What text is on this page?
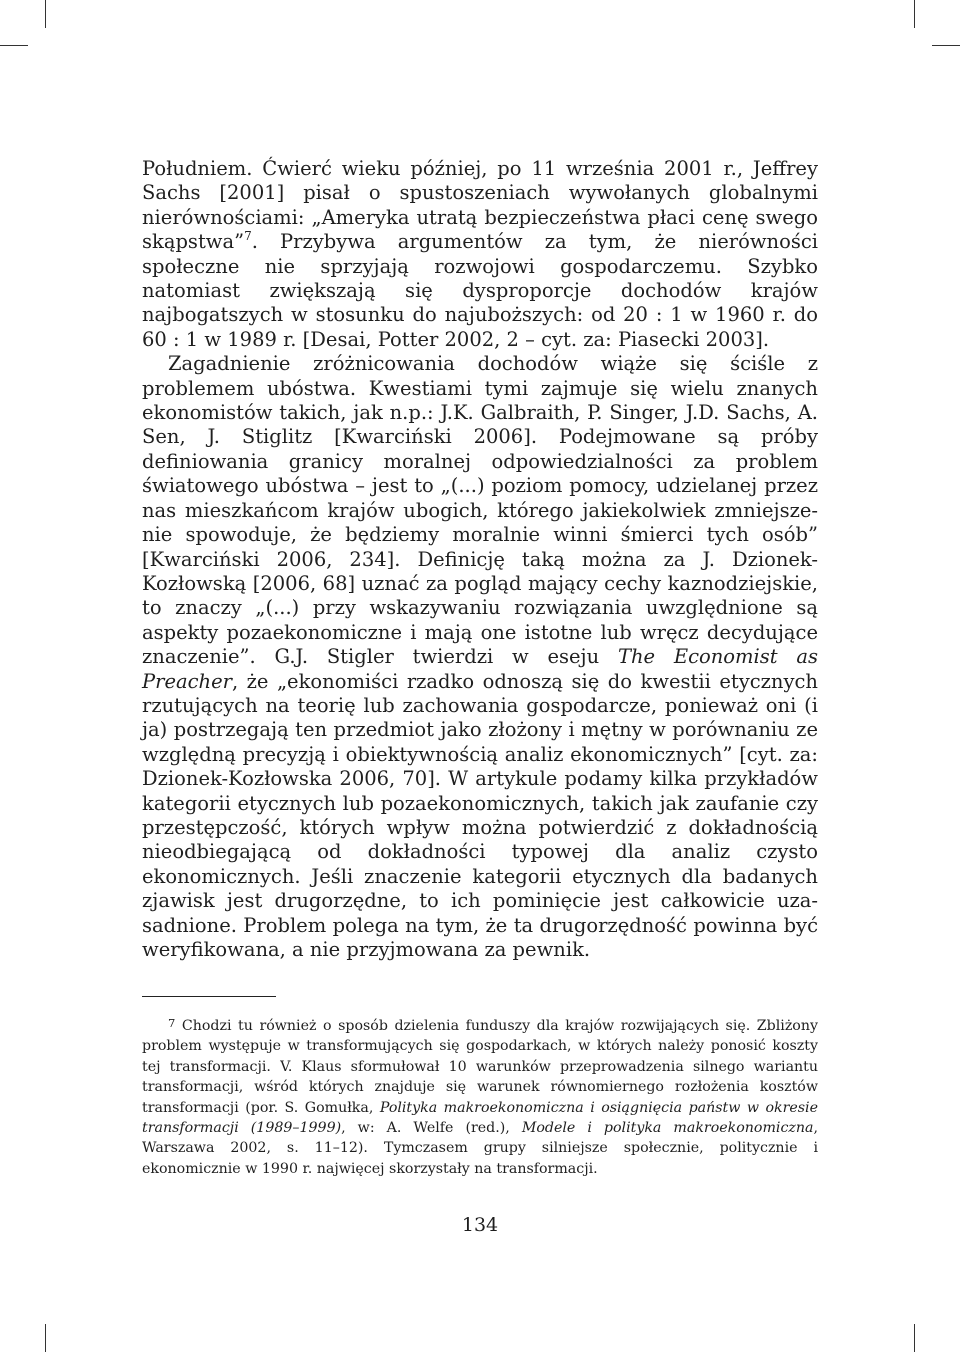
Południem. Ćwierć wieku później, po 11 września 2001 r., Jeffrey Sachs [2001] pisał o spustoszeniach wywołanych globalnymi nierównościami: „Ameryka utratą bezpieczeństwa płaci cenę swego skąpstwa”$^7$. Przybywa argumentów za tym, że nierówności społeczne nie sprzyjają rozwojowi gospodarczemu. Szybko natomiast zwiększają się dysproporcje dochodów krajów najbogatszych w stosunku do najuboższych: od 20 : 1 w 1960 r. do 60 : 1 w 1989 r. [Desai, Potter 2002, 2 – cyt. za: Piasecki 2003].

Zagadnienie zróżnicowania dochodów wiąże się ściśle z problemem ubóstwa. Kwestiami tymi zajmuje się wielu znanych ekonomistów takich, jak n.p.: J.K. Galbraith, P. Singer, J.D. Sachs, A. Sen, J. Stiglitz [Kwarciński 2006]. Podejmowane są próby definiowania granicy moralnej odpowiedzialności za problem światowego ubóstwa – jest to „(...) poziom pomocy, udzielanej przez nas mieszkańcom krajów ubogich, którego jakiekolwiek zmniejszenie spowoduje, że będziemy moralnie winni śmierci tych osób” [Kwarciński 2006, 234]. Definicję taką można za J. Dzionek-Kozłowską [2006, 68] uznać za pogląd mający cechy kaznodziejskie, to znaczy „(...) przy wskazywaniu rozwiązania uwzględnione są aspekty pozaekonomiczne i mają one istotne lub wręcz decydujące znaczenie”. G.J. Stigler twierdzi w eseju The Economist as Preacher, że „ekonomiści rzadko odnoszą się do kwestii etycznych rzutujących na teorię lub zachowania gospodarcze, ponieważ oni (i ja) postrzegają ten przedmiot jako złożony i mętny w porównaniu ze względną precyzją i obiektywnością analiz ekonomicznych” [cyt. za: Dzionek-Kozłowska 2006, 70]. W artykule podamy kilka przykładów kategorii etycznych lub pozaekonomicznych, takich jak zaufanie czy przestępczość, których wpływ można potwierdzić z dokładnością nieodbiegającą od dokładności typowej dla analiz czysto ekonomicznych. Jeśli znaczenie kategorii etycznych dla badanych zjawisk jest drugorzędne, to ich pominięcie jest całkowicie uzasadnione. Problem polega na tym, że ta drugorzędność powinna być weryfikowana, a nie przyjmowana za pewnik.

$^7$ Chodzi tu również o sposób dzielenia funduszy dla krajów rozwijających się. Zbliżony problem występuje w transformujących się gospodarkach, w których należy ponosić koszty tej transformacji. V. Klaus sformułował 10 warunków przeprowadzenia silnego wariantu transformacji, wśród których znajduje się warunek równomiernego rozłożenia kosztów transformacji (por. S. Gomułka, Polityka makroekonomiczna i osiągnięcia państw w okresie transformacji (1989–1999), w: A. Welfe (red.), Modele i polityka makroekonomiczna, Warszawa 2002, s. 11–12). Tymczasem grupy silniejsze społecznie, politycznie i ekonomicznie w 1990 r. najwięcej skorzystały na transformacji.

134
